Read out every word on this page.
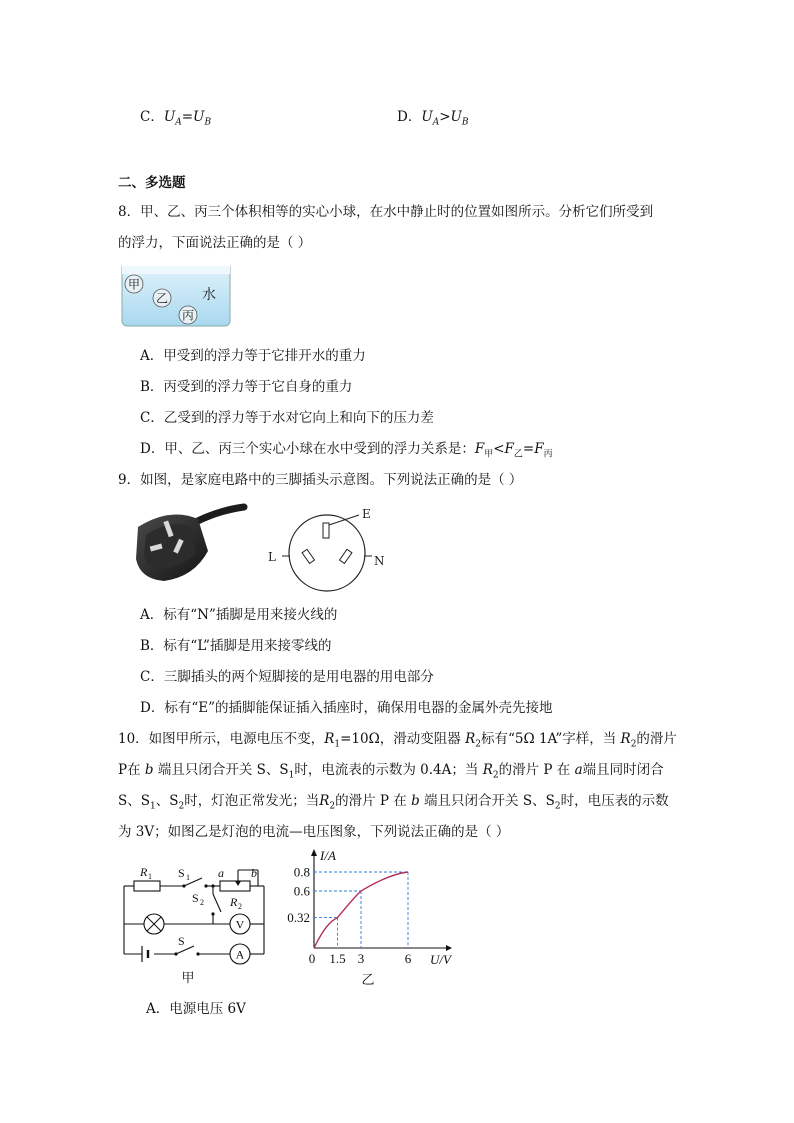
C．$U_A=U_B$	D．$U_A>U_B$
二、多选题
8．甲、乙、丙三个体积相等的实心小球，在水中静止时的位置如图所示。分析它们所受到
的浮力，下面说法正确的是（ ）
甲
乙
丙
水
A．甲受到的浮力等于它排开水的重力
B．丙受到的浮力等于它自身的重力
C．乙受到的浮力等于水对它向上和向下的压力差
D．甲、乙、丙三个实心小球在水中受到的浮力关系是：$F_甲<F_乙=F_丙$
9．如图，是家庭电路中的三脚插头示意图。下列说法正确的是（ ）
E
L	N
A．标有“N”插脚是用来接火线的
B．标有“L”插脚是用来接零线的
C．三脚插头的两个短脚接的是用电器的用电部分
D．标有“E”的插脚能保证插入插座时，确保用电器的金属外壳先接地
10．如图甲所示，电源电压不变，$R_1=10\Omega$，滑动变阻器 $R_2$标有“5Ω 1A”字样，当 $R_2$的滑片
P在 b 端且只闭合开关 S、$S_1$时，电流表的示数为 0.4A；当 $R_2$的滑片 P 在 a端且同时闭合
S、$S_1$、$S_2$时，灯泡正常发光；当$R_2$的滑片 P 在 b 端且只闭合开关 S、$S_2$时，电压表的示数
为 3V；如图乙是灯泡的电流—电压图象，下列说法正确的是（ ）
V
A
R 1 S 1 a b
S 2 R 2
S
甲
I/A
U/V
0.8
0.6
0.32
0 1.5 3	6
乙
A．电源电压 6V
